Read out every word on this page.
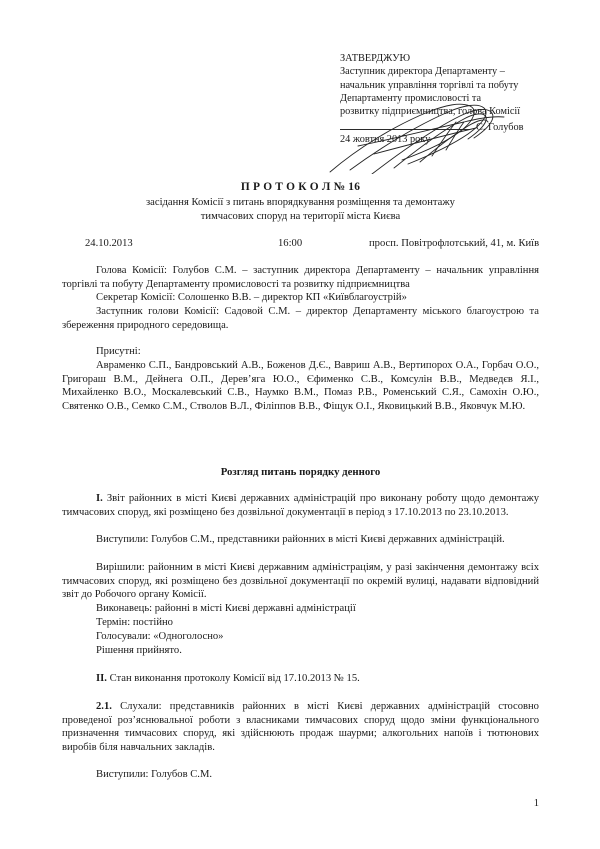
ЗАТВЕРДЖУЮ
Заступник директора Департаменту –
начальник управління торгівлі та побуту
Департаменту промисловості та
розвитку підприємництва, голова Комісії
С. Голубов
24 жовтня 2013 року
П Р О Т О К О Л № 16
засідання Комісії з питань впорядкування розміщення та демонтажу
тимчасових споруд на території міста Києва
24.10.2013	16:00	просп. Повітрофлотський, 41, м. Київ
Голова Комісії: Голубов С.М. – заступник директора Департаменту – начальник управління торгівлі та побуту Департаменту промисловості та розвитку підприємництва
Секретар Комісії: Солошенко В.В. – директор КП «Київблагоустрій»
Заступник голови Комісії: Садовой С.М. – директор Департаменту міського благоустрою та збереження природного середовища.
Присутні:
Авраменко С.П., Бандровський А.В., Боженов Д.Є., Вавриш А.В., Вертипорох О.А., Горбач О.О., Григораш В.М., Дейнега О.П., Дерев’яга Ю.О., Єфименко С.В., Комсулін В.В., Медведєв Я.І., Михайленко В.О., Москалевський С.В., Наумко В.М., Помаз Р.В., Роменський С.Я., Самохін О.Ю., Святенко О.В., Семко С.М., Стволов В.Л., Філіппов В.В., Фіщук О.І., Яковицький В.В., Яковчук М.Ю.
Розгляд питань порядку денного
I. Звіт районних в місті Києві державних адміністрацій про виконану роботу щодо демонтажу тимчасових споруд, які розміщено без дозвільної документації в період з 17.10.2013 по 23.10.2013.
Виступили: Голубов С.М., представники районних в місті Києві державних адміністрацій.
Вирішили: районним в місті Києві державним адміністраціям, у разі закінчення демонтажу всіх тимчасових споруд, які розміщено без дозвільної документації по окремій вулиці, надавати відповідний звіт до Робочого органу Комісії.
Виконавець: районні в місті Києві державні адміністрації
Термін: постійно
Голосували: «Одноголосно»
Рішення прийнято.
II. Стан виконання протоколу Комісії від 17.10.2013 № 15.
2.1. Слухали: представників районних в місті Києві державних адміністрацій стосовно проведеної роз’яснювальної роботи з власниками тимчасових споруд щодо зміни функціонального призначення тимчасових споруд, які здійснюють продаж шаурми; алкогольних напоїв і тютюнових виробів біля навчальних закладів.
Виступили: Голубов С.М.
1
